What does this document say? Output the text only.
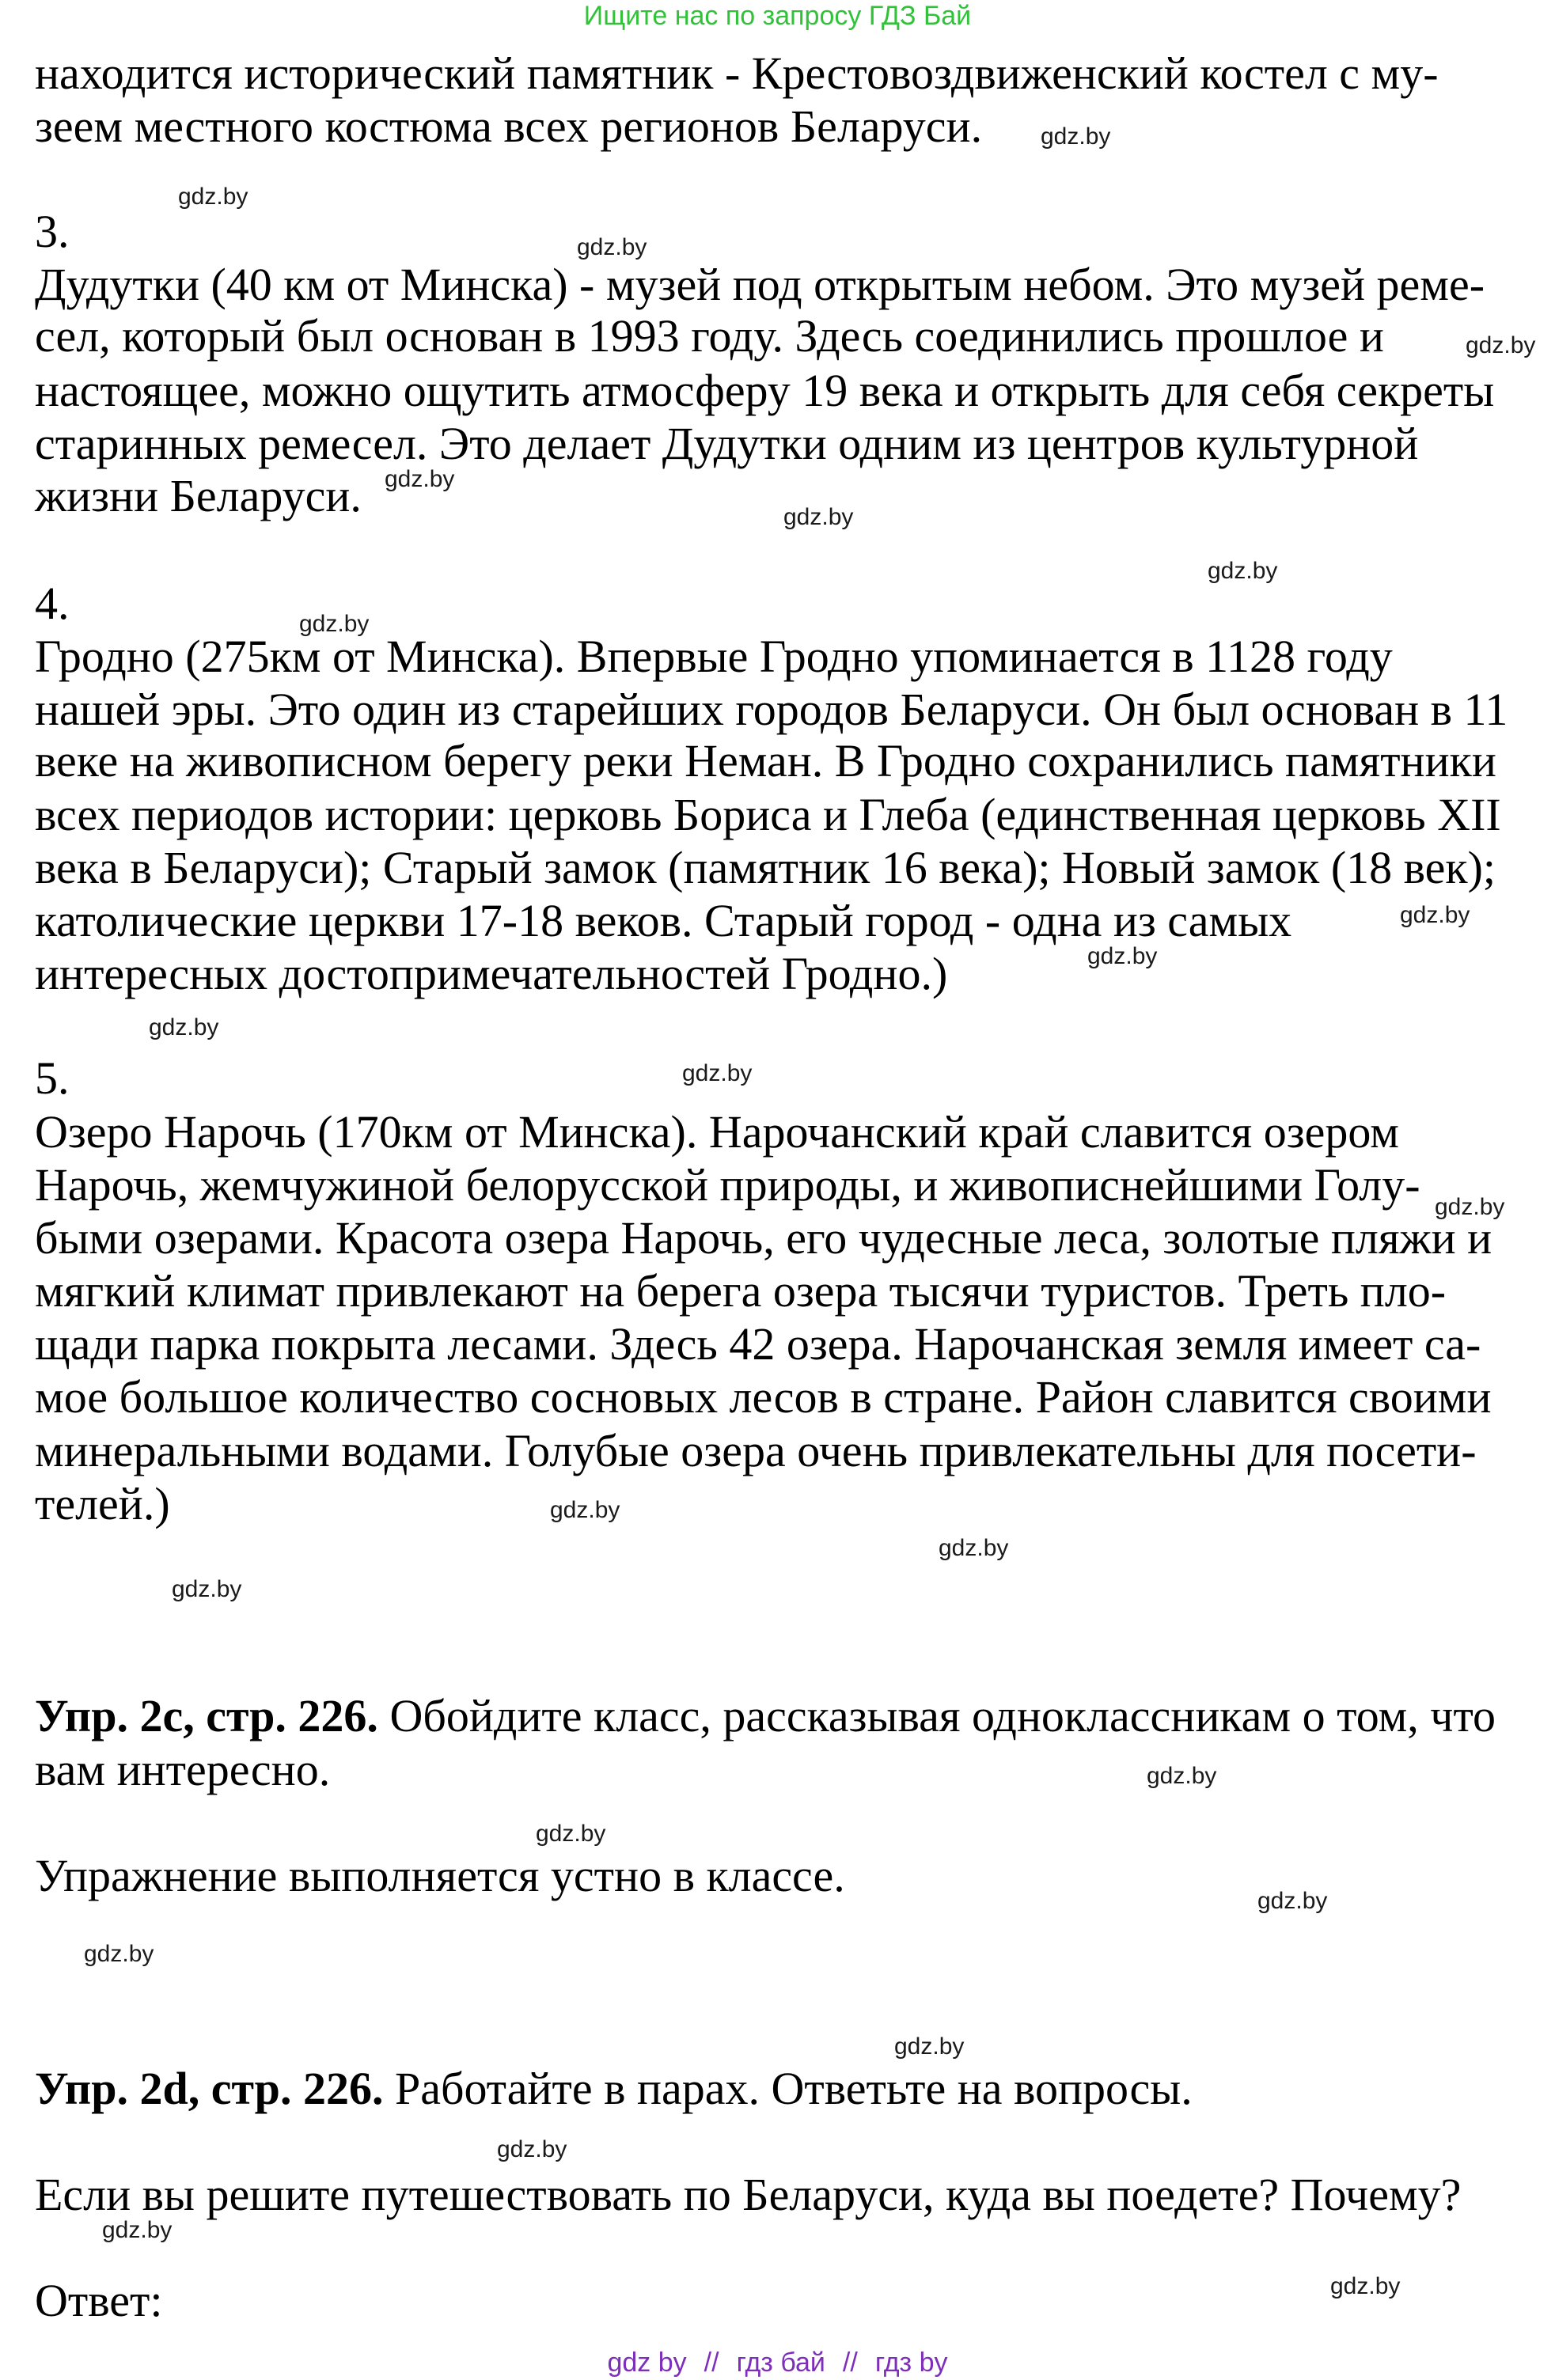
Ищите нас по запросу ГДЗ Бай
находится исторический памятник - Крестовоздвиженский костел с му-
зеем местного костюма всех регионов Беларуси.
3.
Дудутки (40 км от Минска) - музей под открытым небом. Это музей реме-
сел, который был основан в 1993 году. Здесь соединились прошлое и
настоящее, можно ощутить атмосферу 19 века и открыть для себя секреты
старинных ремесел. Это делает Дудутки одним из центров культурной
жизни Беларуси.
4.
Гродно (275км от Минска). Впервые Гродно упоминается в 1128 году
нашей эры. Это один из старейших городов Беларуси. Он был основан в 11
веке на живописном берегу реки Неман. В Гродно сохранились памятники
всех периодов истории: церковь Бориса и Глеба (единственная церковь XII
века в Беларуси); Старый замок (памятник 16 века); Новый замок (18 век);
католические церкви 17-18 веков. Старый город - одна из самых
интересных достопримечательностей Гродно.)
5.
Озеро Нарочь (170км от Минска). Нарочанский край славится озером
Нарочь, жемчужиной белорусской природы, и живописнейшими Голу-
быми озерами. Красота озера Нарочь, его чудесные леса, золотые пляжи и
мягкий климат привлекают на берега озера тысячи туристов. Треть пло-
щади парка покрыта лесами. Здесь 42 озера. Нарочанская земля имеет са-
мое большое количество сосновых лесов в стране. Район славится своими
минеральными водами. Голубые озера очень привлекательны для посети-
телей.)
Упр. 2с, стр. 226. Обойдите класс, рассказывая одноклассникам о том, что
вам интересно.
Упражнение выполняется устно в классе.
Упр. 2d, стр. 226. Работайте в парах. Ответьте на вопросы.
Если вы решите путешествовать по Беларуси, куда вы поедете? Почему?
Ответ:
gdz.by
gdz.by
gdz.by
gdz.by
gdz.by
gdz.by
gdz.by
gdz.by
gdz.by
gdz.by
gdz.by
gdz.by
gdz.by
gdz.by
gdz.by
gdz.by
gdz.by
gdz.by
gdz.by
gdz.by
gdz.by
gdz.by
gdz.by
gdz.by
gdz by // гдз бай // гдз by
